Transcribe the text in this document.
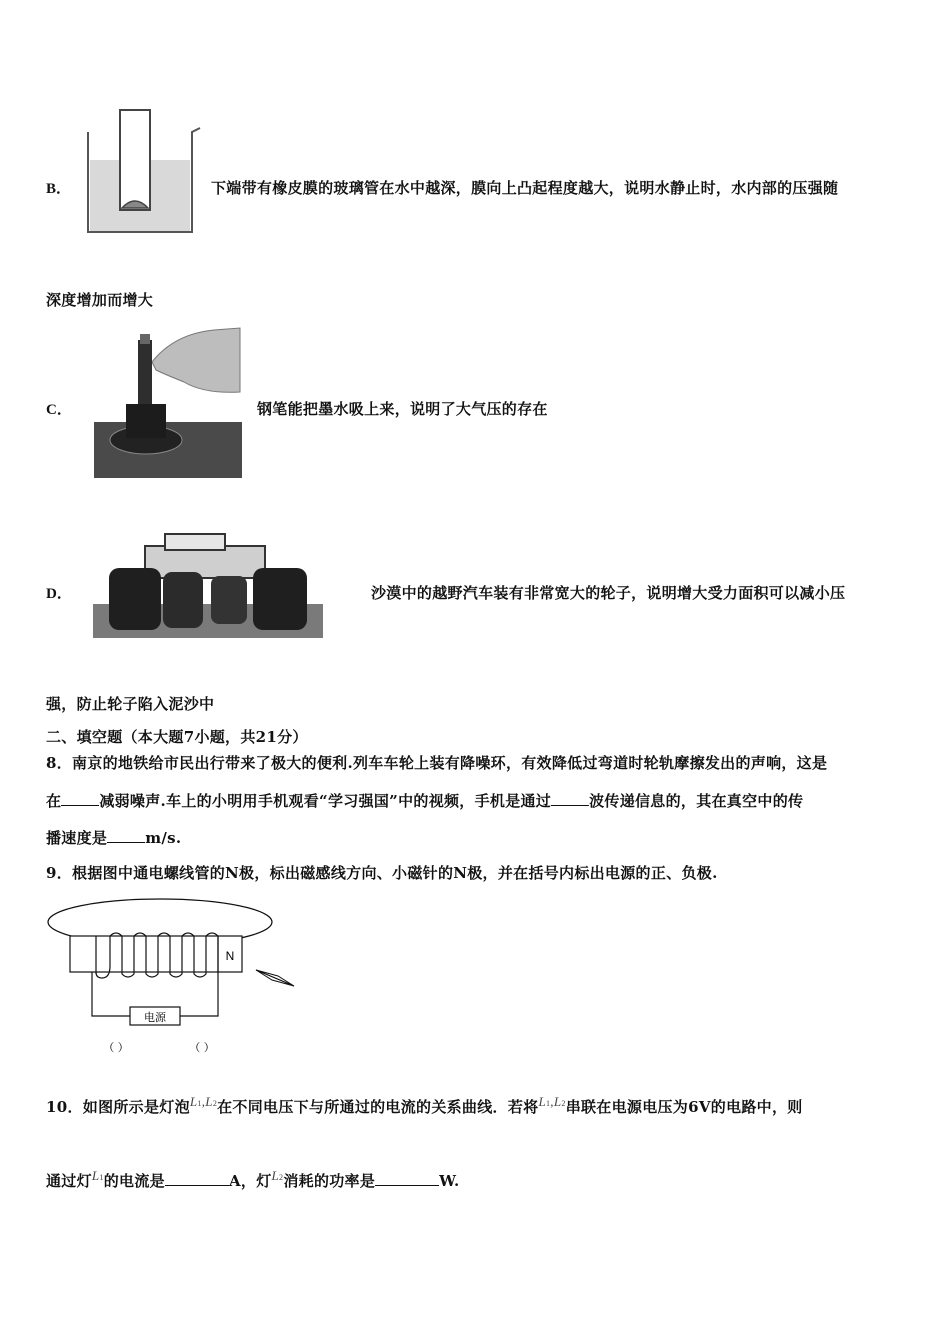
B．	下端带有橡皮膜的玻璃管在水中越深，膜向上凸起程度越大，说明水静止时，水内部的压强随
深度增加而增大
C．	钢笔能把墨水吸上来，说明了大气压的存在
D．	沙漠中的越野汽车装有非常宽大的轮子，说明增大受力面积可以减小压
强，防止轮子陷入泥沙中
二、填空题（本大题7小题，共21分）
8．南京的地铁给市民出行带来了极大的便利.列车车轮上装有降噪环，有效降低过弯道时轮轨摩擦发出的声响，这是
在	减弱噪声.车上的小明用手机观看“学习强国”中的视频，手机是通过	波传递信息的，其在真空中的传
播速度是	m/s.
9．根据图中通电螺线管的N极，标出磁感线方向、小磁针的N极，并在括号内标出电源的正、负极.
N
电源
（ ）	（ ）
10．如图所示是灯泡L1,L2在不同电压下与所通过的电流的关系曲线．若将L1,L2串联在电源电压为6V的电路中，则
通过灯L1的电流是	A，灯L2消耗的功率是	W.
